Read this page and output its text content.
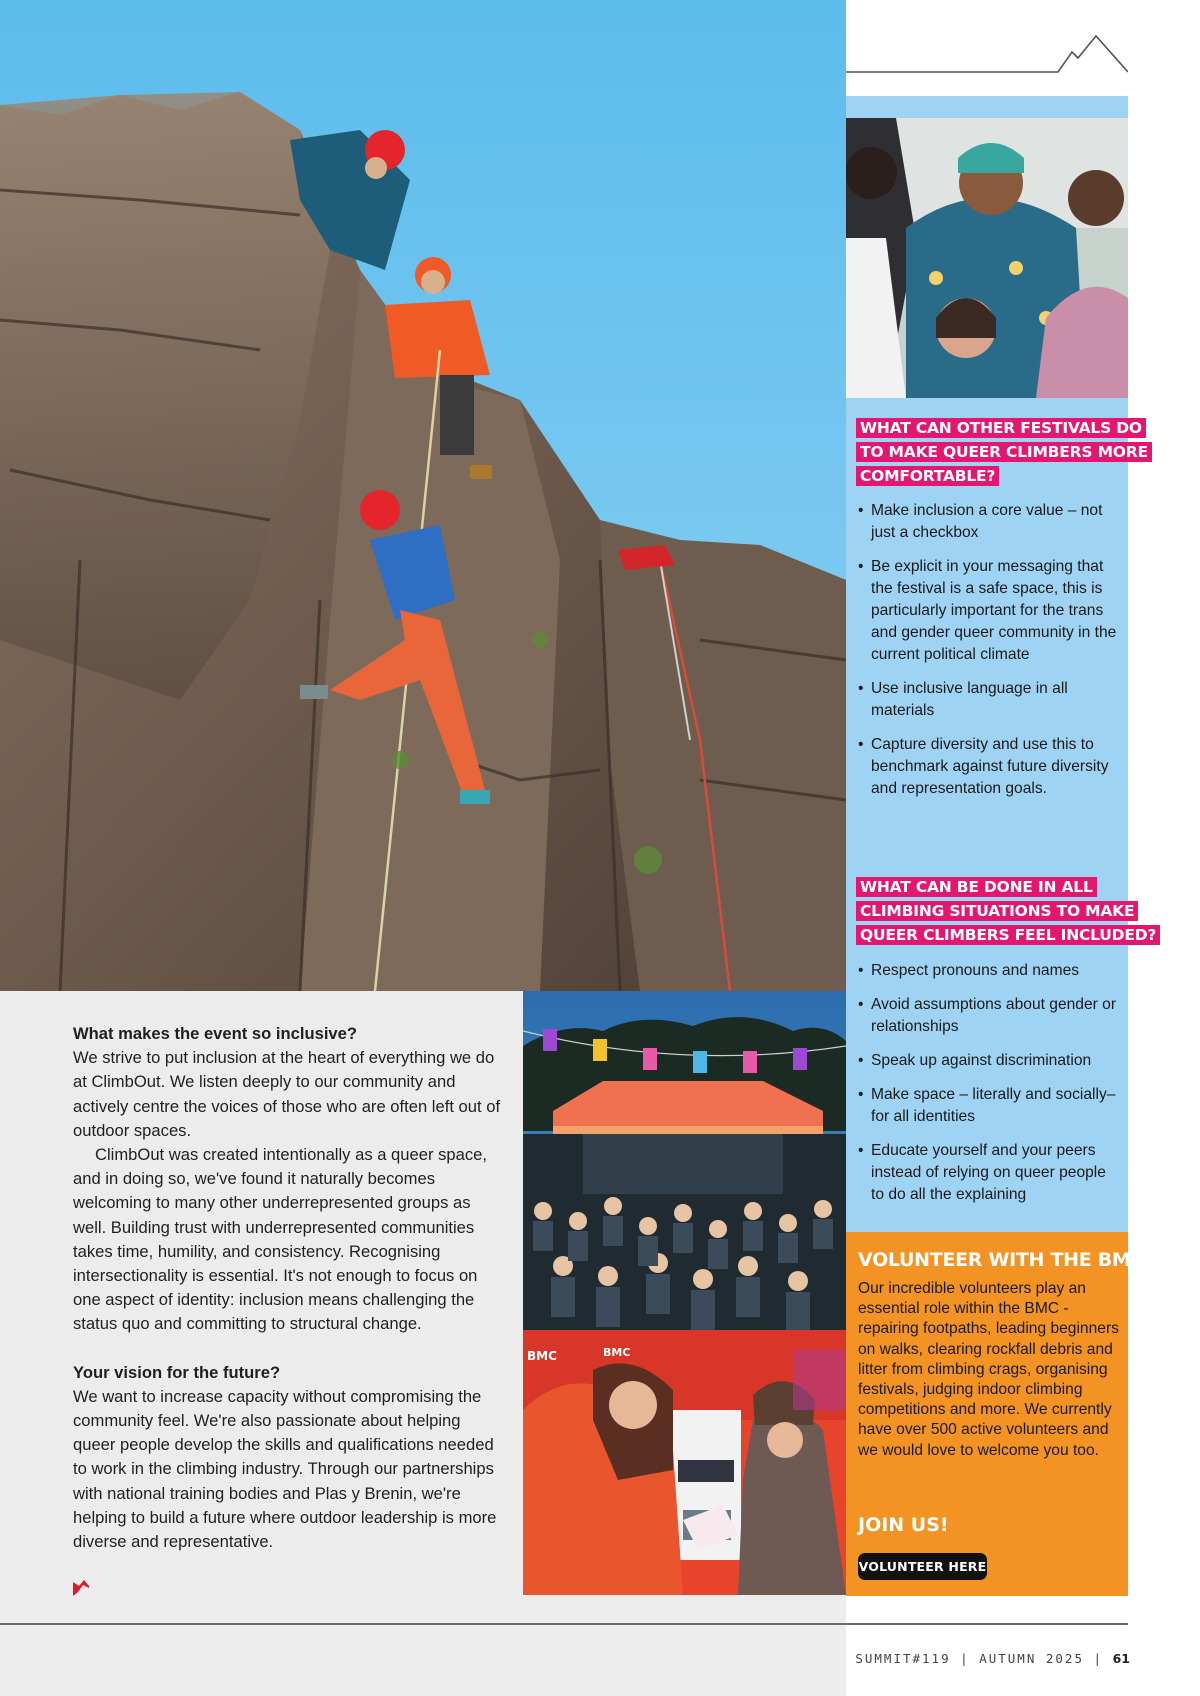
What makes the event so inclusive?

We strive to put inclusion at the heart of everything we do at ClimbOut. We listen deeply to our community and actively centre the voices of those who are often left out of outdoor spaces.

ClimbOut was created intentionally as a queer space, and in doing so, we've found it naturally becomes welcoming to many other underrepresented groups as well. Building trust with underrepresented communities takes time, humility, and consistency. Recognising intersectionality is essential. It's not enough to focus on one aspect of identity: inclusion means challenging the status quo and committing to structural change.

Your vision for the future?

We want to increase capacity without compromising the community feel. We're also passionate about helping queer people develop the skills and qualifications needed to work in the climbing industry. Through our partnerships with national training bodies and Plas y Brenin, we're helping to build a future where outdoor leadership is more diverse and representative.

BMC	BMC
WHAT CAN OTHER FESTIVALS DO
TO MAKE QUEER CLIMBERS MORE
COMFORTABLE?
• Make inclusion a core value – not just a checkbox
• Be explicit in your messaging that the festival is a safe space, this is particularly important for the trans and gender queer community in the current political climate
• Use inclusive language in all materials
• Capture diversity and use this to benchmark against future diversity and representation goals.
WHAT CAN BE DONE IN ALL
CLIMBING SITUATIONS TO MAKE
QUEER CLIMBERS FEEL INCLUDED?
• Respect pronouns and names
• Avoid assumptions about gender or relationships
• Speak up against discrimination
• Make space – literally and socially– for all identities
• Educate yourself and your peers instead of relying on queer people to do all the explaining
VOLUNTEER WITH THE BMC!
Our incredible volunteers play an essential role within the BMC - repairing footpaths, leading beginners on walks, clearing rockfall debris and litter from climbing crags, organising festivals, judging indoor climbing competitions and more. We currently have over 500 active volunteers and we would love to welcome you too.
JOIN US!
VOLUNTEER HERE
SUMMIT#119 | AUTUMN 2025 | 61
